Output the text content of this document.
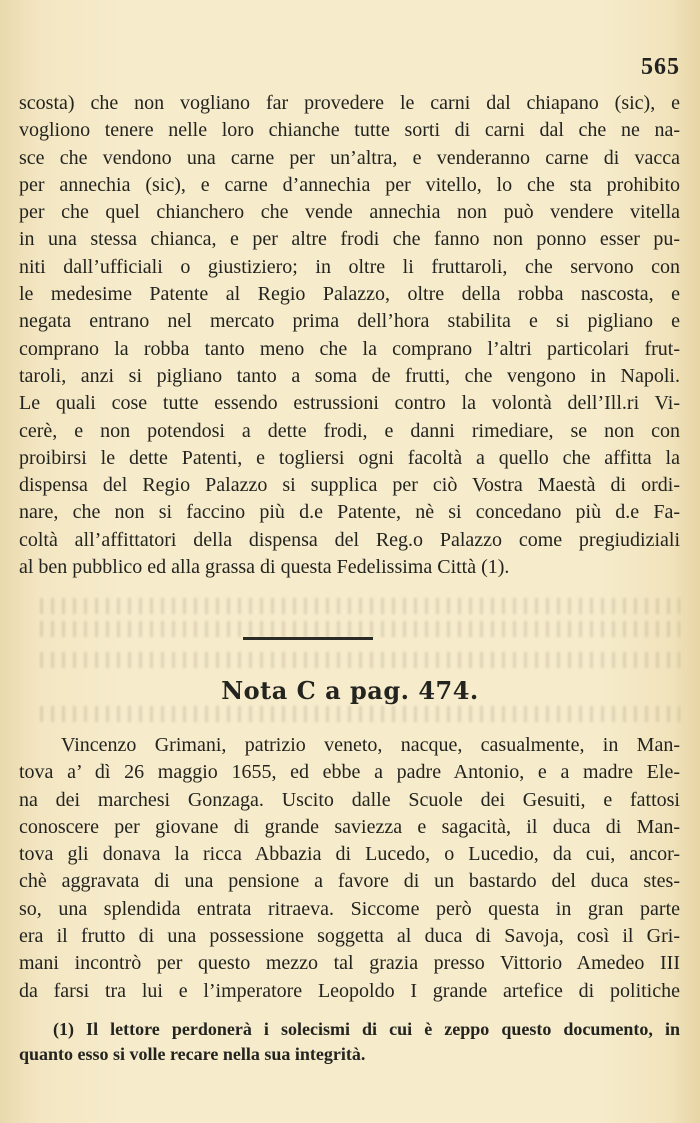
565
scosta) che non vogliano far provedere le carni dal chiapano (sic), e
vogliono tenere nelle loro chianche tutte sorti di carni dal che ne na-
sce che vendono una carne per un’altra, e venderanno carne di vacca
per annechia (sic), e carne d’annechia per vitello, lo che sta prohibito
per che quel chianchero che vende annechia non può vendere vitella
in una stessa chianca, e per altre frodi che fanno non ponno esser pu-
niti dall’ufficiali o giustiziero; in oltre li fruttaroli, che servono con
le medesime Patente al Regio Palazzo, oltre della robba nascosta, e
negata entrano nel mercato prima dell’hora stabilita e si pigliano e
comprano la robba tanto meno che la comprano l’altri particolari frut-
taroli, anzi si pigliano tanto a soma de frutti, che vengono in Napoli.
Le quali cose tutte essendo estrussioni contro la volontà dell’Ill.ri Vi-
cerè, e non potendosi a dette frodi, e danni rimediare, se non con
proibirsi le dette Patenti, e togliersi ogni facoltà a quello che affitta la
dispensa del Regio Palazzo si supplica per ciò Vostra Maestà di ordi-
nare, che non si faccino più d.e Patente, nè si concedano più d.e Fa-
coltà all’affittatori della dispensa del Reg.o Palazzo come pregiudiziali
al ben pubblico ed alla grassa di questa Fedelissima Città (1).
Nota C a pag. 474.
Vincenzo Grimani, patrizio veneto, nacque, casualmente, in Man-
tova a’ dì 26 maggio 1655, ed ebbe a padre Antonio, e a madre Ele-
na dei marchesi Gonzaga. Uscito dalle Scuole dei Gesuiti, e fattosi
conoscere per giovane di grande saviezza e sagacità, il duca di Man-
tova gli donava la ricca Abbazia di Lucedo, o Lucedio, da cui, ancor-
chè aggravata di una pensione a favore di un bastardo del duca stes-
so, una splendida entrata ritraeva. Siccome però questa in gran parte
era il frutto di una possessione soggetta al duca di Savoja, così il Gri-
mani incontrò per questo mezzo tal grazia presso Vittorio Amedeo III
da farsi tra lui e l’imperatore Leopoldo I grande artefice di politiche
(1) Il lettore perdonerà i solecismi di cui è zeppo questo documento, in
quanto esso si volle recare nella sua integrità.
